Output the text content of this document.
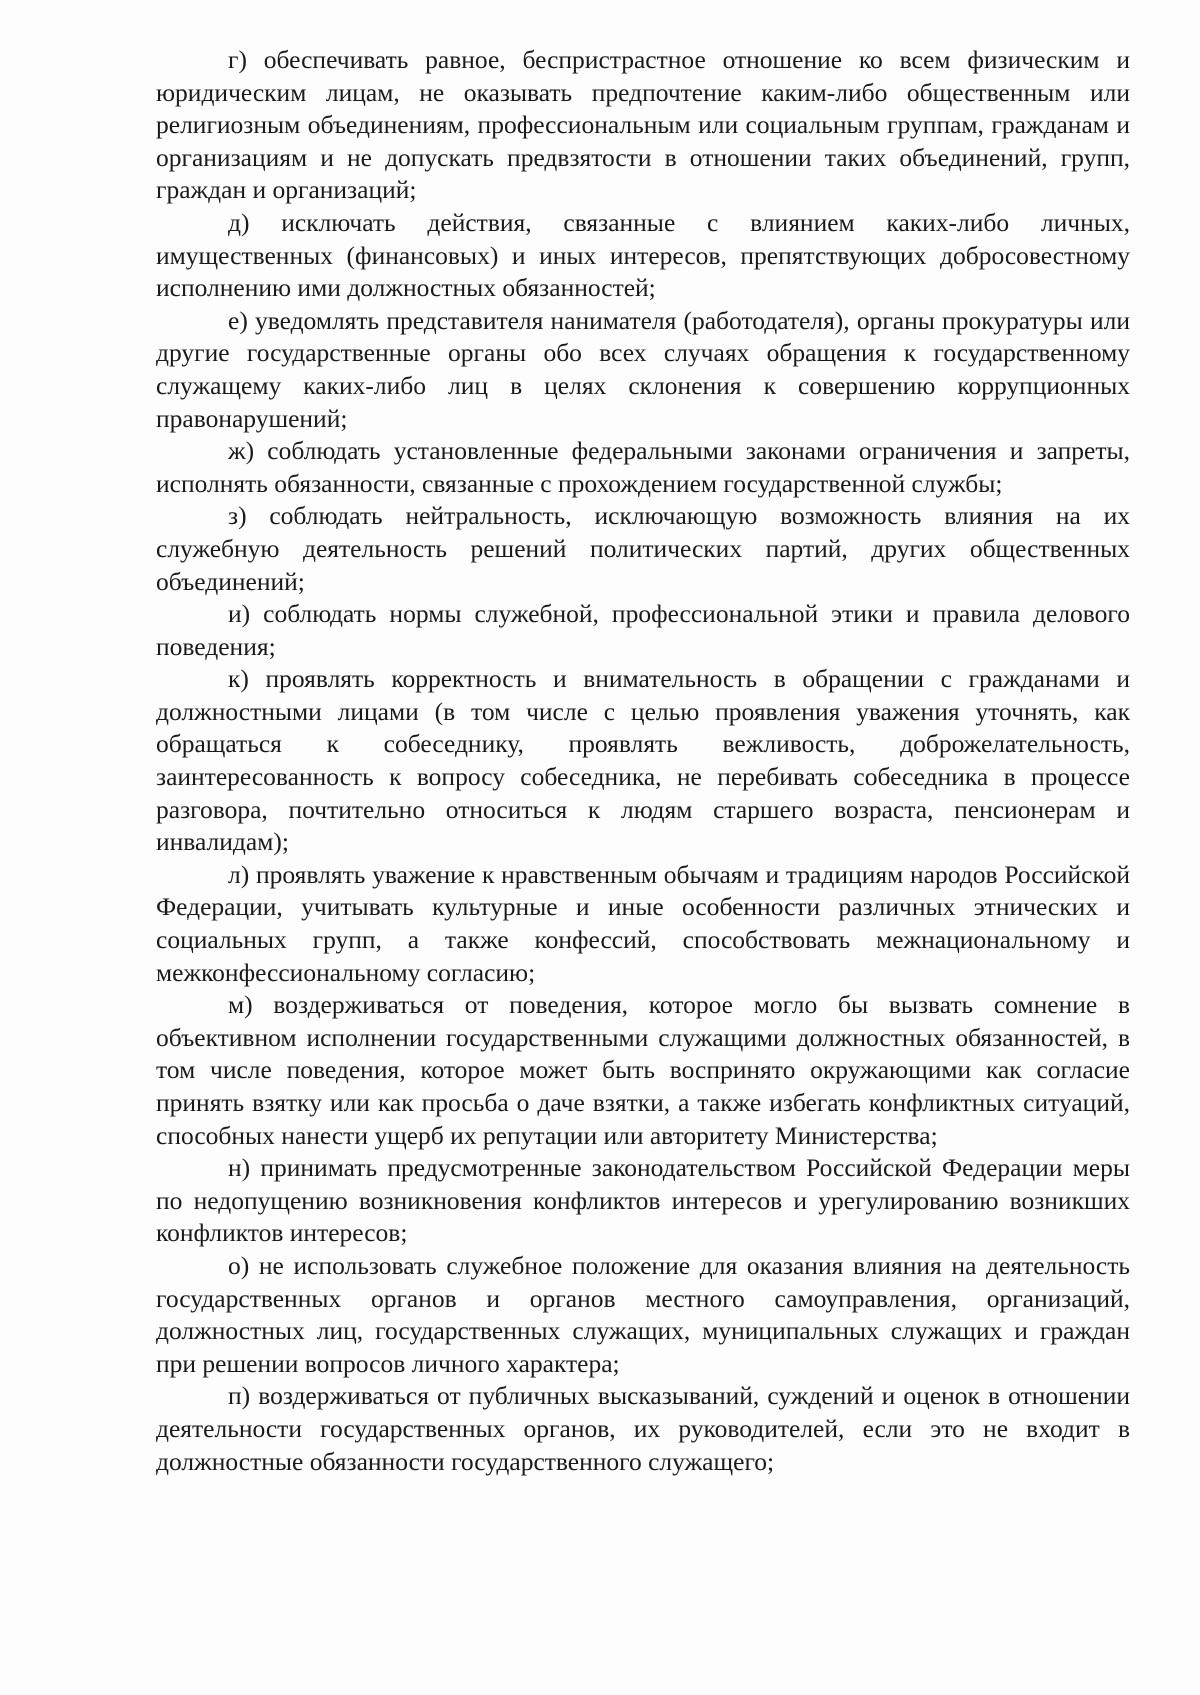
г) обеспечивать равное, беспристрастное отношение ко всем физическим и юридическим лицам, не оказывать предпочтение каким-либо общественным или религиозным объединениям, профессиональным или социальным группам, гражданам и организациям и не допускать предвзятости в отношении таких объединений, групп, граждан и организаций;

д) исключать действия, связанные с влиянием каких-либо личных, имущественных (финансовых) и иных интересов, препятствующих добросовестному исполнению ими должностных обязанностей;

е) уведомлять представителя нанимателя (работодателя), органы прокуратуры или другие государственные органы обо всех случаях обращения к государственному служащему каких-либо лиц в целях склонения к совершению коррупционных правонарушений;

ж) соблюдать установленные федеральными законами ограничения и запреты, исполнять обязанности, связанные с прохождением государственной службы;

з) соблюдать нейтральность, исключающую возможность влияния на их служебную деятельность решений политических партий, других общественных объединений;

и) соблюдать нормы служебной, профессиональной этики и правила делового поведения;

к) проявлять корректность и внимательность в обращении с гражданами и должностными лицами (в том числе с целью проявления уважения уточнять, как обращаться к собеседнику, проявлять вежливость, доброжелательность, заинтересованность к вопросу собеседника, не перебивать собеседника в процессе разговора, почтительно относиться к людям старшего возраста, пенсионерам и инвалидам);

л) проявлять уважение к нравственным обычаям и традициям народов Российской Федерации, учитывать культурные и иные особенности различных этнических и социальных групп, а также конфессий, способствовать межнациональному и межконфессиональному согласию;

м) воздерживаться от поведения, которое могло бы вызвать сомнение в объективном исполнении государственными служащими должностных обязанностей, в том числе поведения, которое может быть воспринято окружающими как согласие принять взятку или как просьба о даче взятки, а также избегать конфликтных ситуаций, способных нанести ущерб их репутации или авторитету Министерства;

н) принимать предусмотренные законодательством Российской Федерации меры по недопущению возникновения конфликтов интересов и урегулированию возникших конфликтов интересов;

о) не использовать служебное положение для оказания влияния на деятельность государственных органов и органов местного самоуправления, организаций, должностных лиц, государственных служащих, муниципальных служащих и граждан при решении вопросов личного характера;

п) воздерживаться от публичных высказываний, суждений и оценок в отношении деятельности государственных органов, их руководителей, если это не входит в должностные обязанности государственного служащего;
